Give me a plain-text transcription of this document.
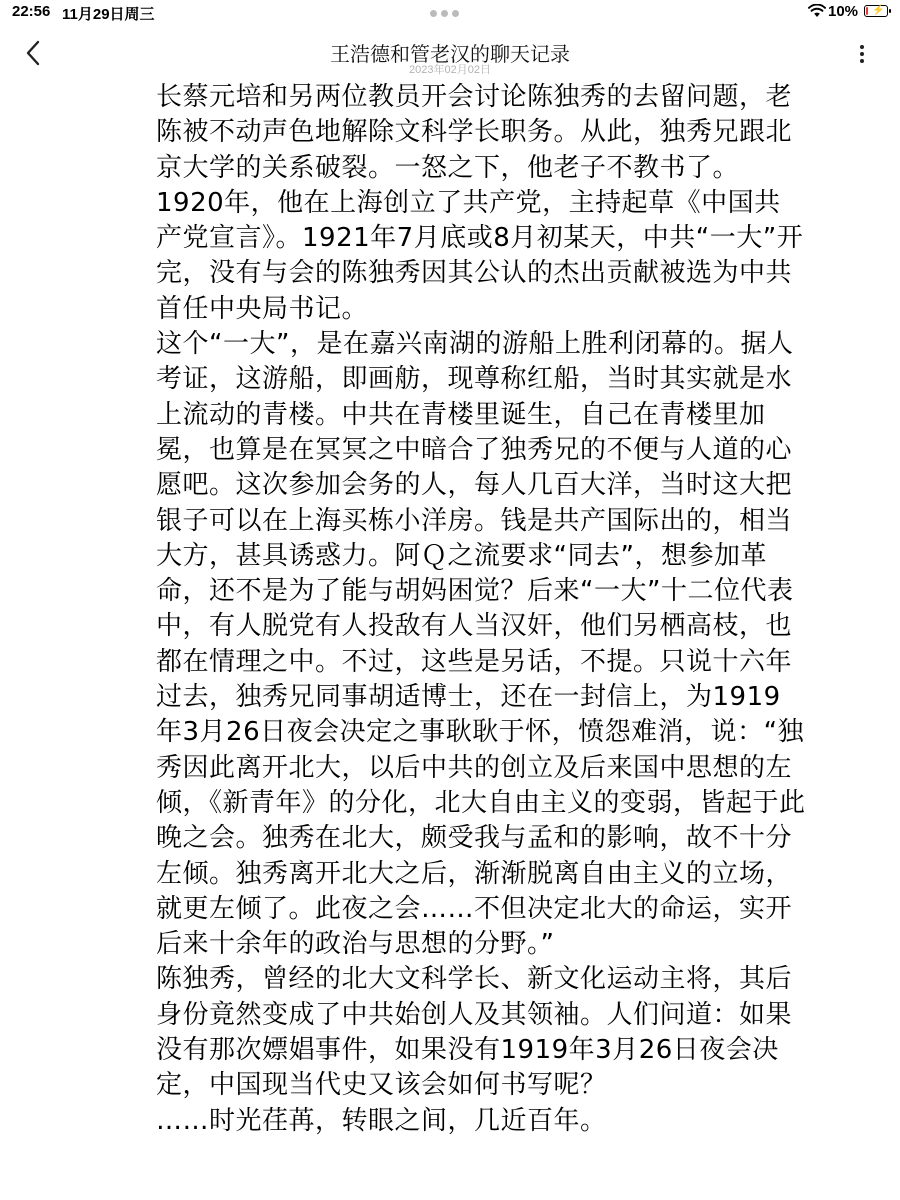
22:56 11月29日周三	10% ⚡
王浩德和管老汉的聊天记录
2023年02月02日

长蔡元培和另两位教员开会讨论陈独秀的去留问题，老陈被不动声色地解除文科学长职务。从此，独秀兄跟北京大学的关系破裂。一怒之下，他老子不教书了。1920年，他在上海创立了共产党，主持起草《中国共产党宣言》。1921年7月底或8月初某天，中共“一大”开完，没有与会的陈独秀因其公认的杰出贡献被选为中共首任中央局书记。

这个“一大”，是在嘉兴南湖的游船上胜利闭幕的。据人考证，这游船，即画舫，现尊称红船，当时其实就是水上流动的青楼。中共在青楼里诞生，自己在青楼里加冕，也算是在冥冥之中暗合了独秀兄的不便与人道的心愿吧。这次参加会务的人，每人几百大洋，当时这大把银子可以在上海买栋小洋房。钱是共产国际出的，相当大方，甚具诱惑力。阿Ｑ之流要求“同去”，想参加革命，还不是为了能与胡妈困觉？后来“一大”十二位代表中，有人脱党有人投敌有人当汉奸，他们另栖高枝，也都在情理之中。不过，这些是另话，不提。只说十六年过去，独秀兄同事胡适博士，还在一封信上，为1919年3月26日夜会决定之事耿耿于怀，愤怨难消，说：“独秀因此离开北大，以后中共的创立及后来国中思想的左倾，《新青年》的分化，北大自由主义的变弱，皆起于此晚之会。独秀在北大，颇受我与孟和的影响，故不十分左倾。独秀离开北大之后，渐渐脱离自由主义的立场，就更左倾了。此夜之会……不但决定北大的命运，实开后来十余年的政治与思想的分野。”

陈独秀，曾经的北大文科学长、新文化运动主将，其后身份竟然变成了中共始创人及其领袖。人们问道：如果没有那次嫖娼事件，如果没有1919年3月26日夜会决定，中国现当代史又该会如何书写呢？

……时光荏苒，转眼之间，几近百年。
